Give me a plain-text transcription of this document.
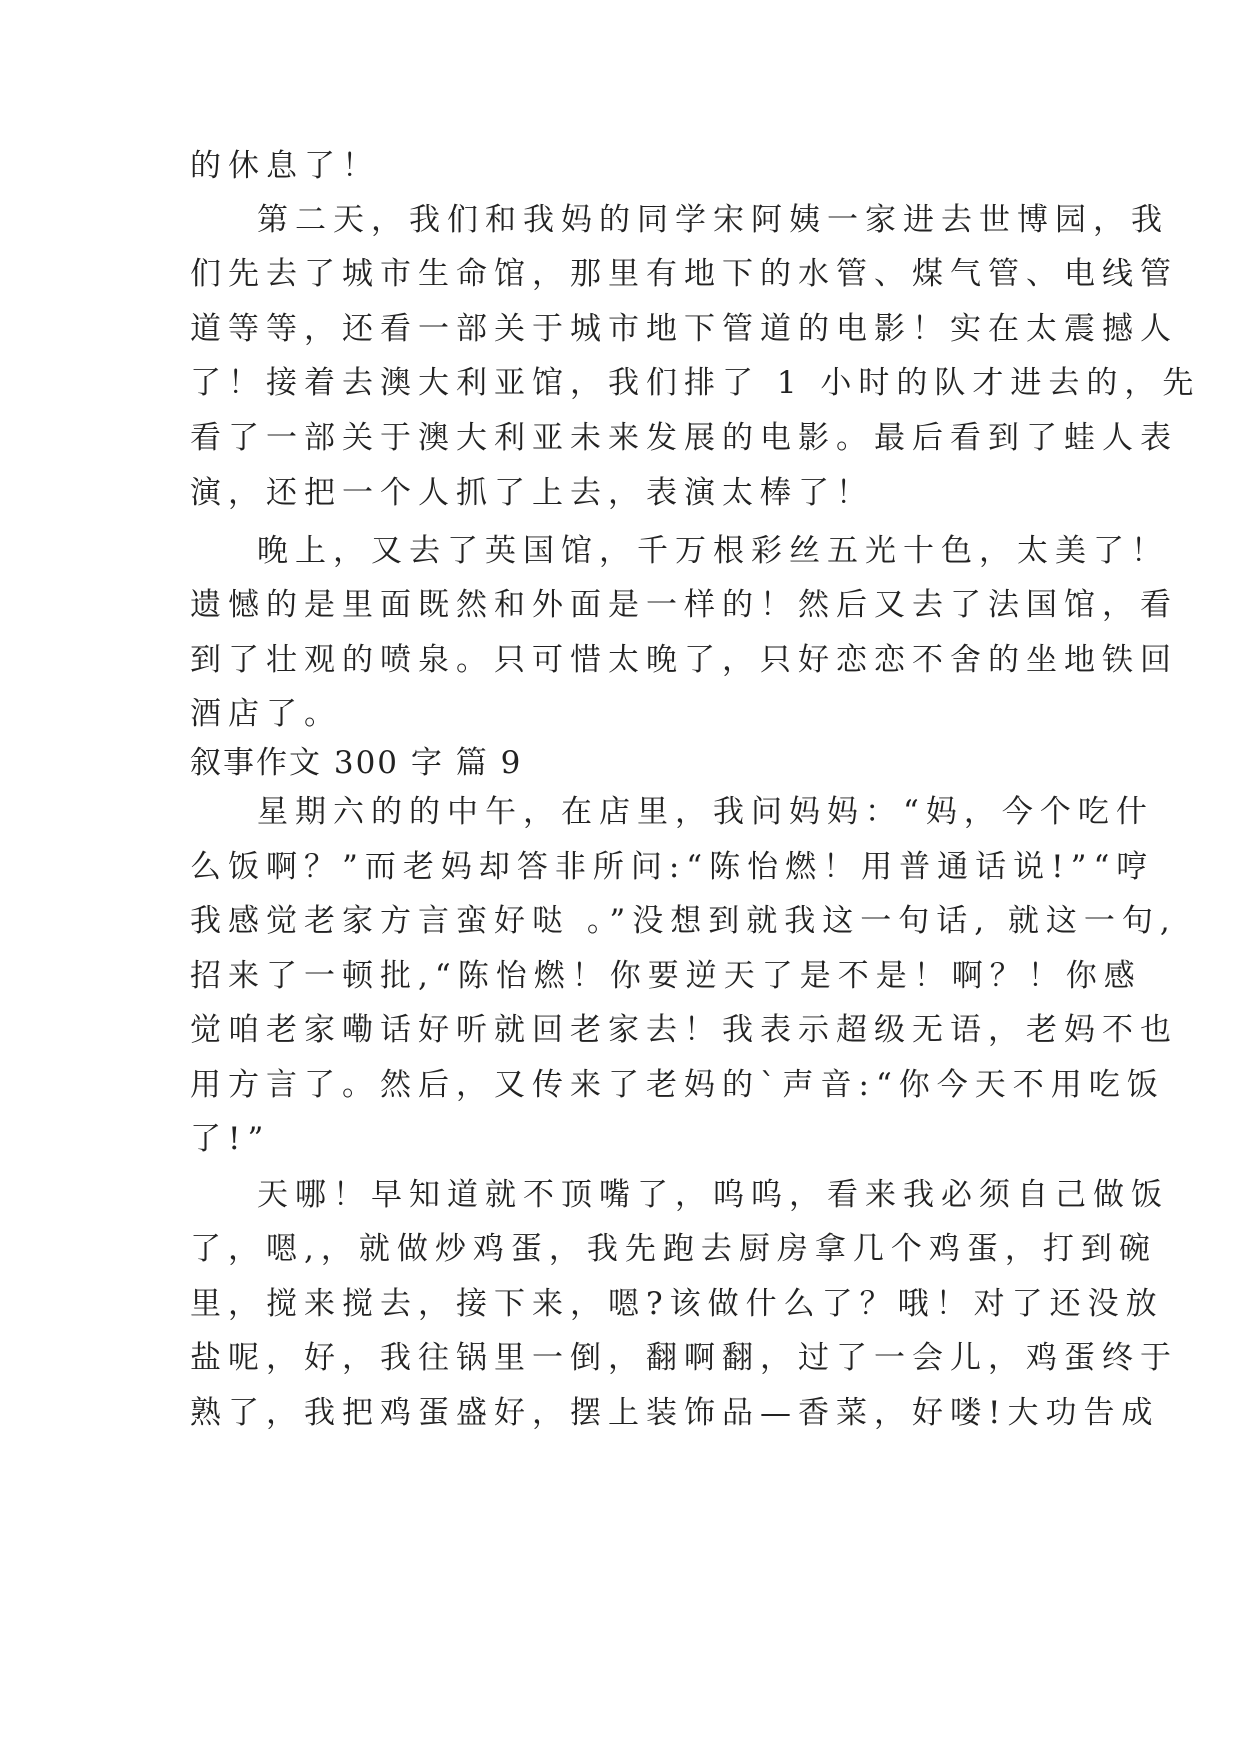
的休息了！
第二天，我们和我妈的同学宋阿姨一家进去世博园，我
们先去了城市生命馆，那里有地下的水管、煤气管、电线管
道等等，还看一部关于城市地下管道的电影！实在太震撼人
了！接着去澳大利亚馆，我们排了 1 小时的队才进去的，先
看了一部关于澳大利亚未来发展的电影。最后看到了蛙人表
演，还把一个人抓了上去，表演太棒了！
晚上，又去了英国馆，千万根彩丝五光十色，太美了！
遗憾的是里面既然和外面是一样的！然后又去了法国馆，看
到了壮观的喷泉。只可惜太晚了，只好恋恋不舍的坐地铁回
酒店了。
叙事作文 300 字 篇 9
星期六的的中午，在店里，我问妈妈：“妈，今个吃什
么饭啊？”而老妈却答非所问:“陈怡燃！用普通话说!”“哼
我感觉老家方言蛮好哒 。”没想到就我这一句话, 就这一句,
招来了一顿批,“陈怡燃！你要逆天了是不是！啊？！你感
觉咱老家嘞话好听就回老家去！我表示超级无语，老妈不也
用方言了。然后，又传来了老妈的`声音:“你今天不用吃饭
了!”
天哪！早知道就不顶嘴了，呜呜，看来我必须自己做饭
了，嗯,，就做炒鸡蛋，我先跑去厨房拿几个鸡蛋，打到碗
里，搅来搅去，接下来，嗯?该做什么了？哦！对了还没放
盐呢，好，我往锅里一倒，翻啊翻，过了一会儿，鸡蛋终于
熟了，我把鸡蛋盛好，摆上装饰品—香菜，好喽!大功告成
